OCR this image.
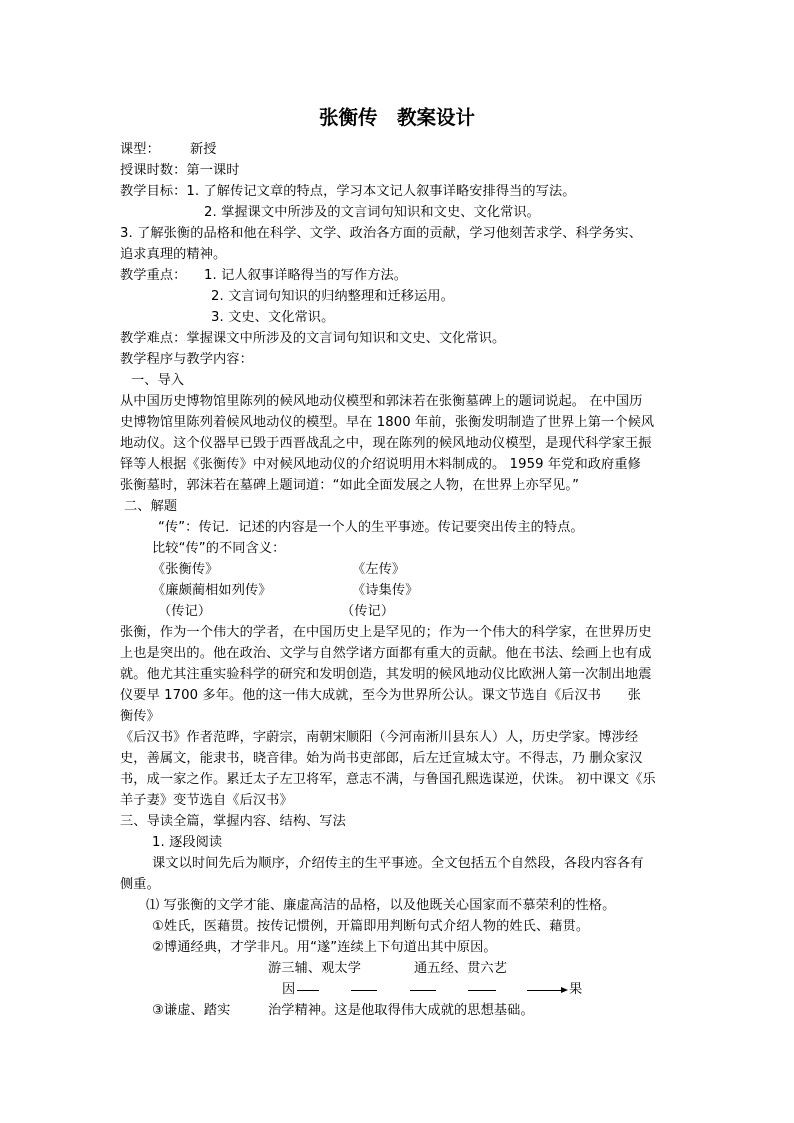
张衡传　教案设计
课型： 新授
授课时数：第一课时
教学目标：1. 了解传记文章的特点，学习本文记人叙事详略安排得当的写法。
2. 掌握课文中所涉及的文言词句知识和文史、文化常识。
3. 了解张衡的品格和他在科学、文学、政治各方面的贡献，学习他刻苦求学、科学务实、
追求真理的精神。
教学重点： 1. 记人叙事详略得当的写作方法。
2. 文言词句知识的归纳整理和迁移运用。
3. 文史、文化常识。
教学难点：掌握课文中所涉及的文言词句知识和文史、文化常识。
教学程序与教学内容：
一、导入
从中国历史博物馆里陈列的候风地动仪模型和郭沫若在张衡墓碑上的题词说起。 在中国历
史博物馆里陈列着候风地动仪的模型。早在 1800 年前，张衡发明制造了世界上第一个候风
地动仪。这个仪器早已毁于西晋战乱之中，现在陈列的候风地动仪模型，是现代科学家王振
铎等人根据《张衡传》中对候风地动仪的介绍说明用木料制成的。 1959 年党和政府重修
张衡墓时，郭沫若在墓碑上题词道：“如此全面发展之人物，在世界上亦罕见。”
二、解题
“传”：传记．记述的内容是一个人的生平事迹。传记要突出传主的特点。
比较“传”的不同含义：
《张衡传》	《左传》
《廉颇蔺相如列传》	《诗集传》
（传记）	（传记）
张衡，作为一个伟大的学者，在中国历史上是罕见的；作为一个伟大的科学家，在世界历史
上也是突出的。他在政治、文学与自然学诸方面都有重大的贡献。他在书法、绘画上也有成
就。他尤其注重实验科学的研究和发明创造，其发明的候风地动仪比欧洲人第一次制出地震
仪要早 1700 多年。他的这一伟大成就，至今为世界所公认。课文节选自《后汉书　　张
衡传》
《后汉书》作者范晔，字蔚宗，南朝宋顺阳（今河南淅川县东人）人，历史学家。博涉经
史，善属文，能隶书，晓音律。始为尚书吏部郎，后左迁宣城太守。不得志，乃 删众家汉
书，成一家之作。累迁太子左卫将军，意志不满，与鲁国孔熙选谋逆，伏诛。 初中课文《乐
羊子妻》变节选自《后汉书》
三、导读全篇，掌握内容、结构、写法
1. 逐段阅读
课文以时间先后为顺序，介绍传主的生平事迹。全文包括五个自然段，各段内容各有
侧重。
⑴ 写张衡的文学才能、廉虚高洁的品格，以及他既关心国家而不慕荣利的性格。
①姓氏，医藉贯。按传记惯例，开篇即用判断句式介绍人物的姓氏、藉贯。
②博通经典，才学非凡。用“遂”连续上下句道出其中原因。
游三辅、观太学	通五经、贯六艺
因	果
③谦虚、踏实	治学精神。这是他取得伟大成就的思想基础。
